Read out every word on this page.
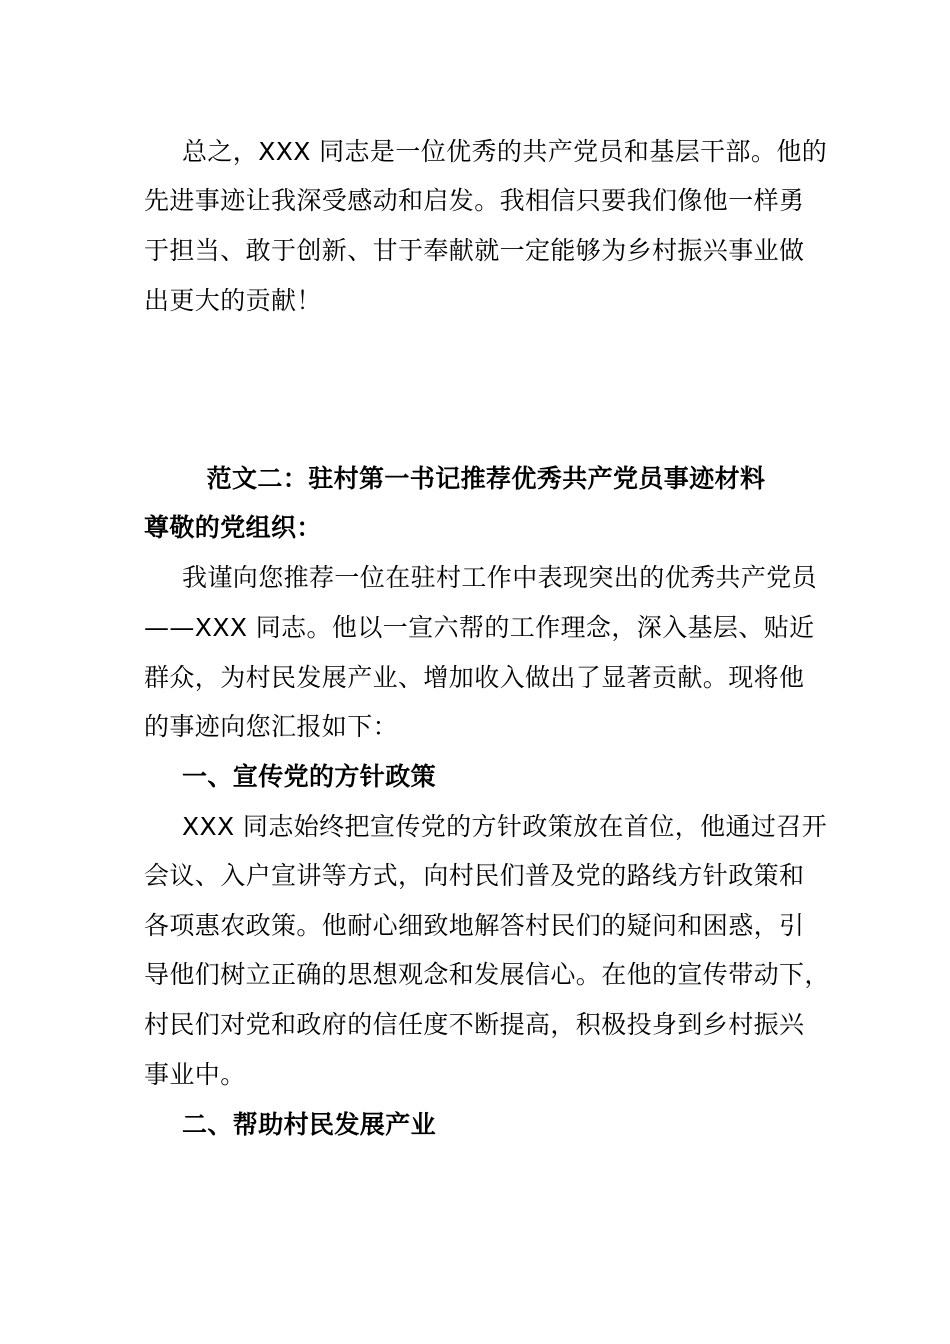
总之，XXX 同志是一位优秀的共产党员和基层干部。他的
先进事迹让我深受感动和启发。我相信只要我们像他一样勇
于担当、敢于创新、甘于奉献就一定能够为乡村振兴事业做
出更大的贡献！
范文二：驻村第一书记推荐优秀共产党员事迹材料
尊敬的党组织：
我谨向您推荐一位在驻村工作中表现突出的优秀共产党员
——XXX 同志。他以一宣六帮的工作理念，深入基层、贴近
群众，为村民发展产业、增加收入做出了显著贡献。现将他
的事迹向您汇报如下：
一、宣传党的方针政策
XXX 同志始终把宣传党的方针政策放在首位，他通过召开
会议、入户宣讲等方式，向村民们普及党的路线方针政策和
各项惠农政策。他耐心细致地解答村民们的疑问和困惑，引
导他们树立正确的思想观念和发展信心。在他的宣传带动下，
村民们对党和政府的信任度不断提高，积极投身到乡村振兴
事业中。
二、帮助村民发展产业
